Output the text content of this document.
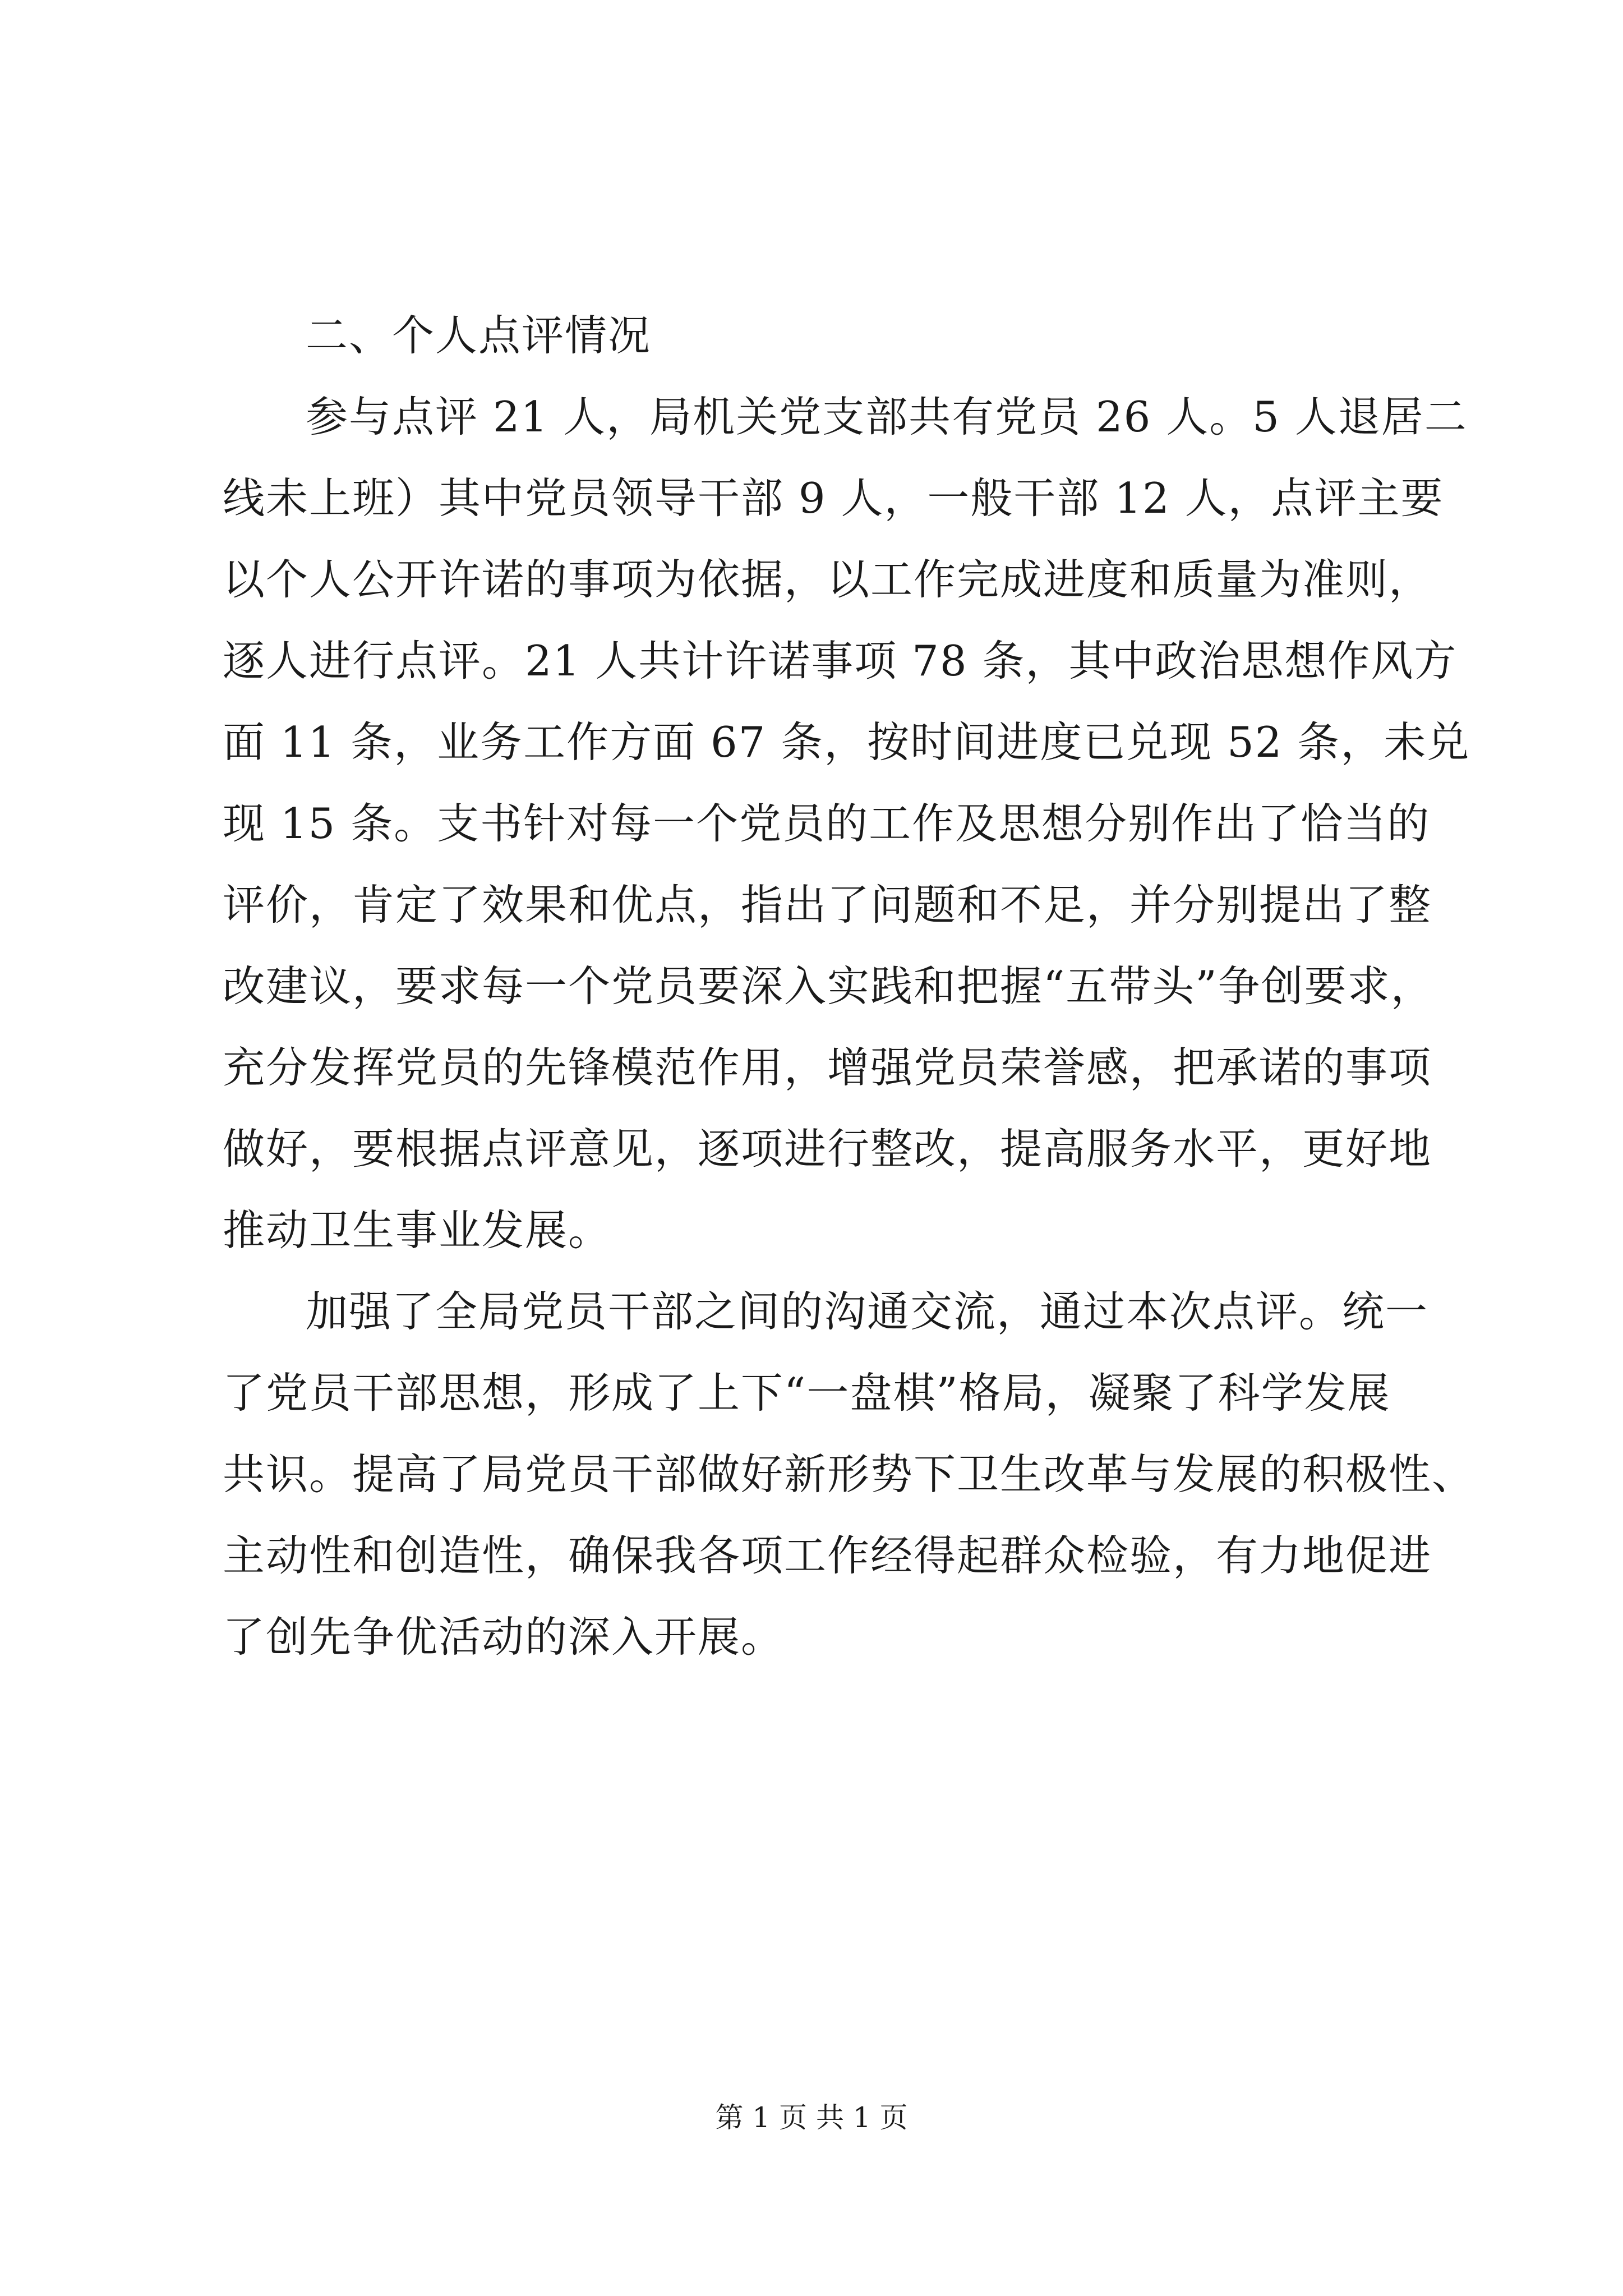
二、个人点评情况
参与点评 21 人，局机关党支部共有党员 26 人。5 人退居二
线未上班）其中党员领导干部 9 人，一般干部 12 人，点评主要
以个人公开许诺的事项为依据，以工作完成进度和质量为准则，
逐人进行点评。21 人共计许诺事项 78 条，其中政治思想作风方
面 11 条，业务工作方面 67 条，按时间进度已兑现 52 条，未兑
现 15 条。支书针对每一个党员的工作及思想分别作出了恰当的
评价，肯定了效果和优点，指出了问题和不足，并分别提出了整
改建议，要求每一个党员要深入实践和把握“五带头”争创要求，
充分发挥党员的先锋模范作用，增强党员荣誉感，把承诺的事项
做好，要根据点评意见，逐项进行整改，提高服务水平，更好地
推动卫生事业发展。
加强了全局党员干部之间的沟通交流，通过本次点评。统一
了党员干部思想，形成了上下“一盘棋”格局，凝聚了科学发展
共识。提高了局党员干部做好新形势下卫生改革与发展的积极性、
主动性和创造性，确保我各项工作经得起群众检验，有力地促进
了创先争优活动的深入开展。
第 1 页 共 1 页
